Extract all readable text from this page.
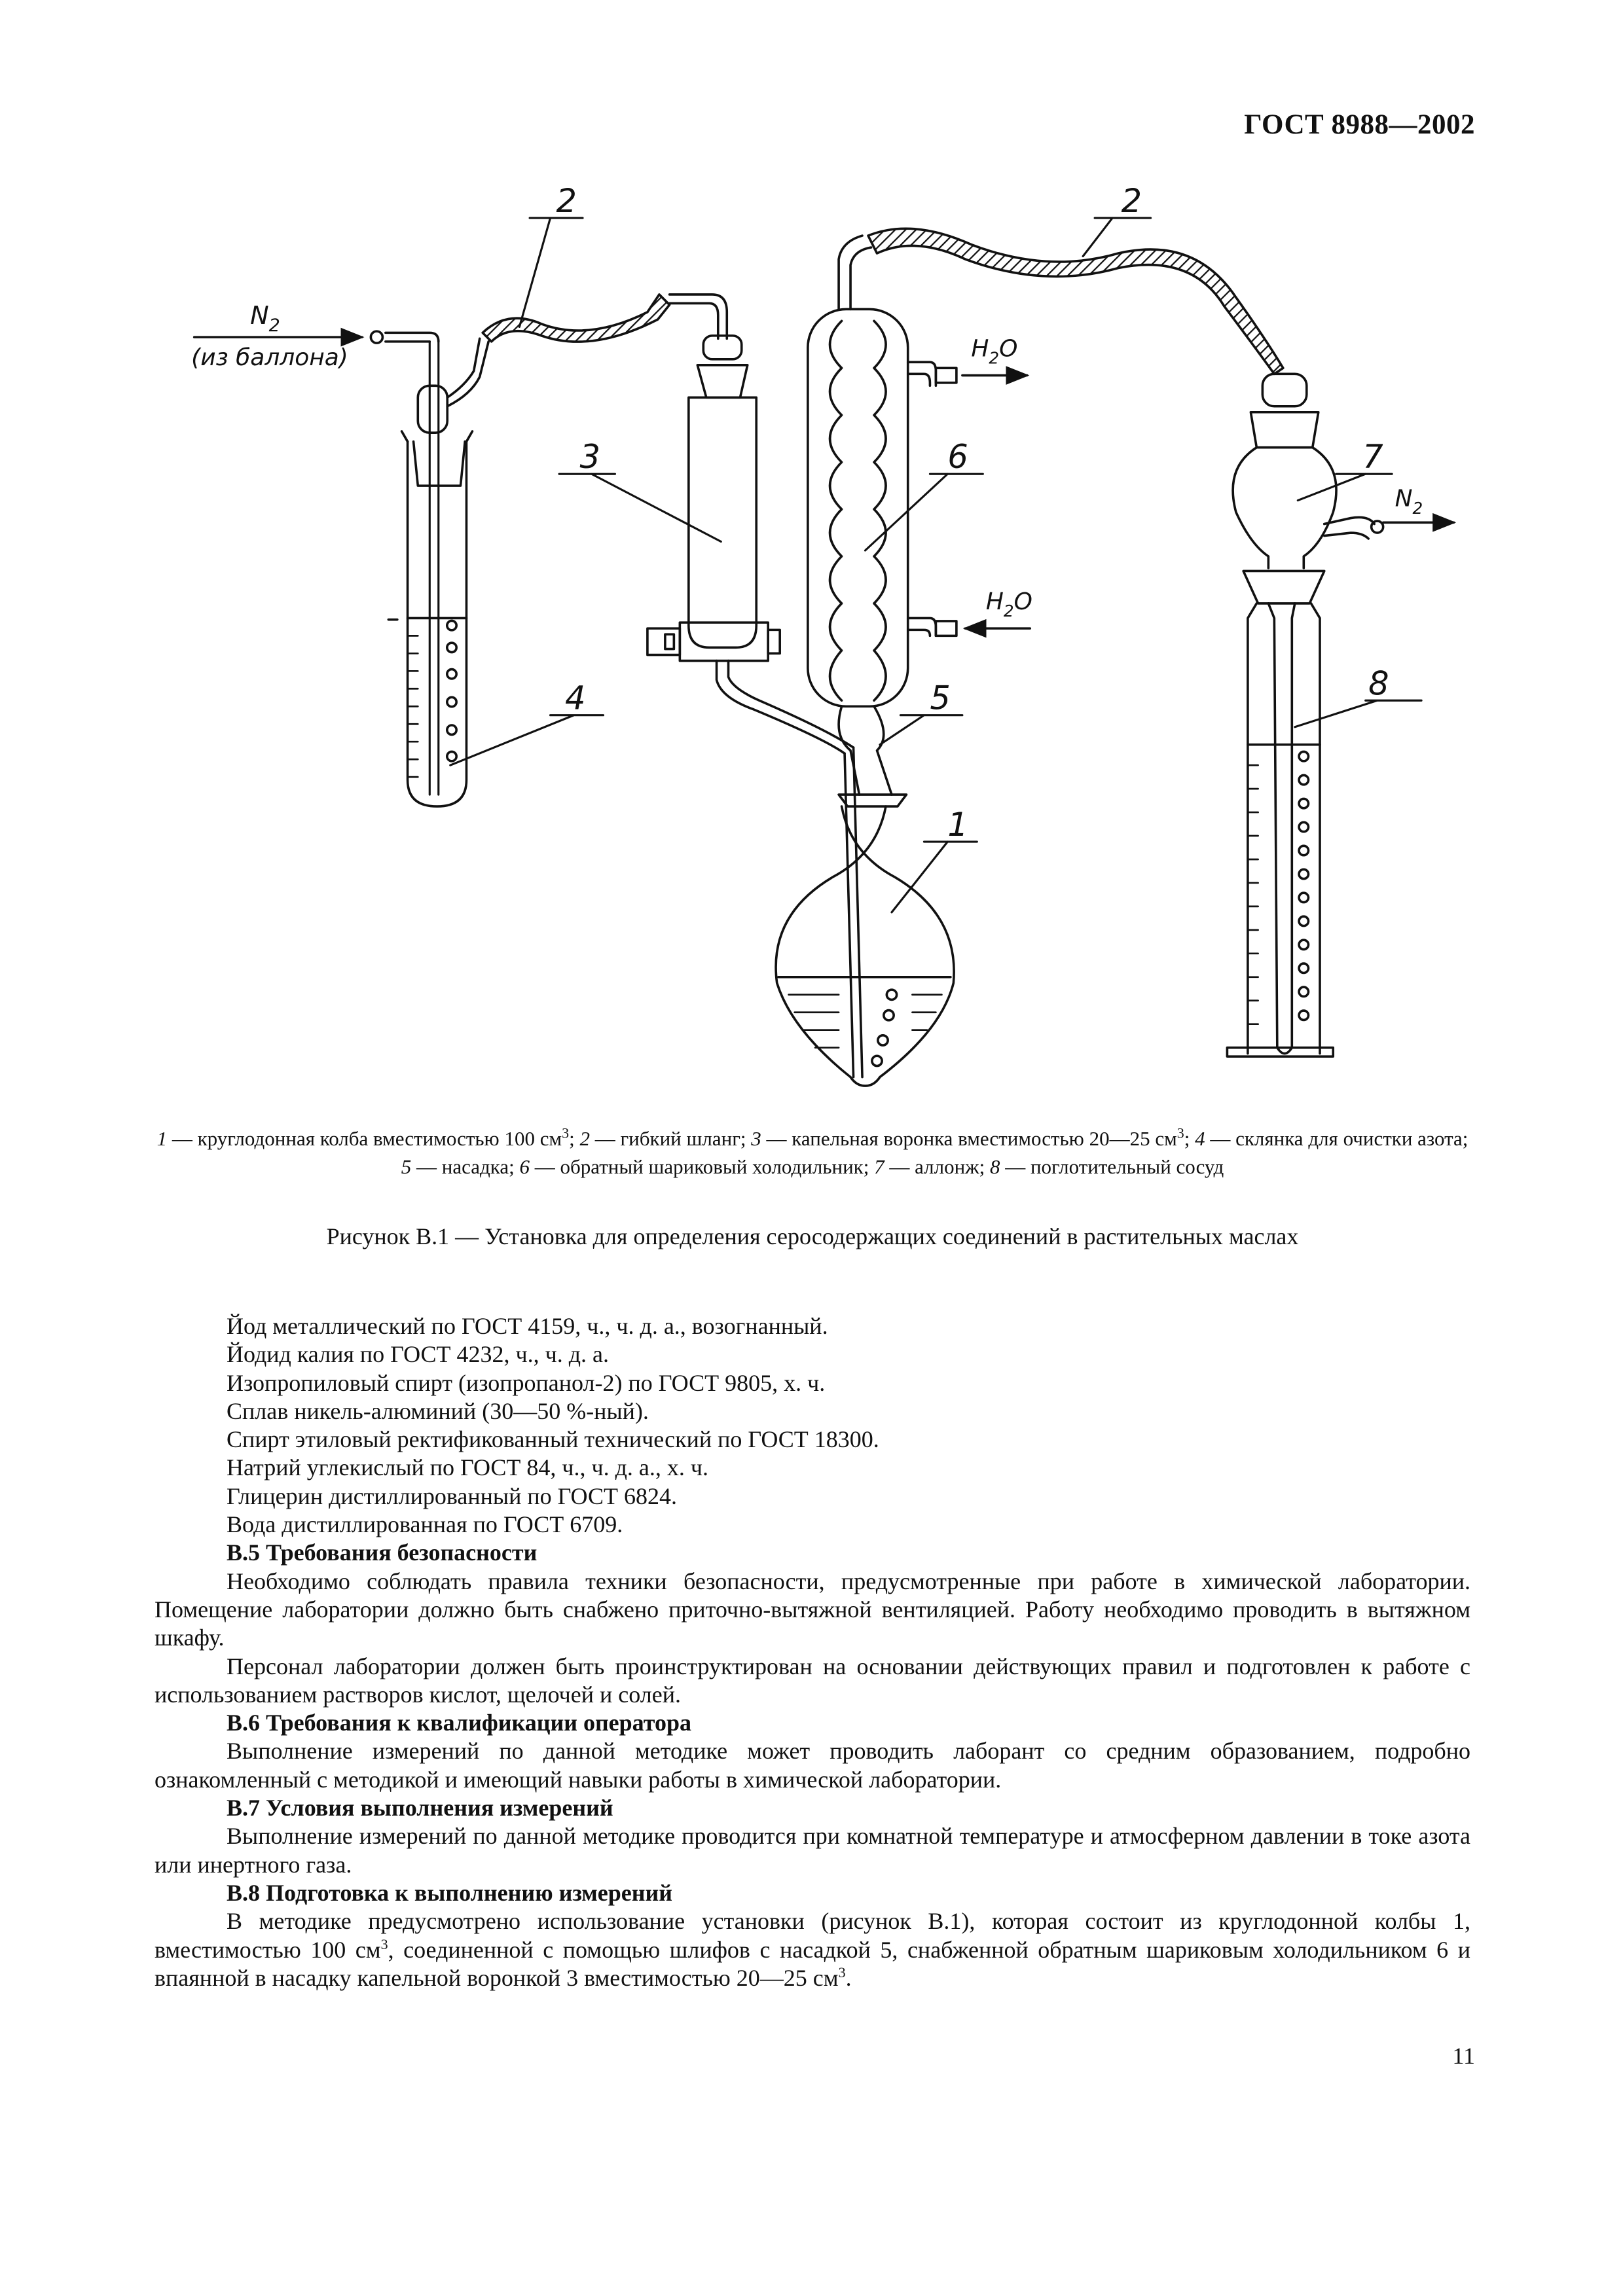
ГОСТ 8988—2002
$N_2$
(из баллона)	$H_2O$
$H_2O$
$N_2$
2	2
3	6	7
8
4	5
1
1 — круглодонная колба вместимостью 100 $см^3$; 2 — гибкий шланг; 3 — капельная воронка вместимостью 20—25 $см^3$; 4 — склянка для очистки азота; 5 — насадка; 6 — обратный шариковый холодильник; 7 — аллонж; 8 — поглотительный сосуд
Рисунок В.1 — Установка для определения серосодержащих соединений в растительных маслах

Йод металлический по ГОСТ 4159, ч., ч. д. а., возогнанный.

Йодид калия по ГОСТ 4232, ч., ч. д. а.

Изопропиловый спирт (изопропанол-2) по ГОСТ 9805, х. ч.

Сплав никель-алюминий (30—50 %-ный).

Спирт этиловый ректификованный технический по ГОСТ 18300.

Натрий углекислый по ГОСТ 84, ч., ч. д. а., х. ч.

Глицерин дистиллированный по ГОСТ 6824.

Вода дистиллированная по ГОСТ 6709.

В.5 Требования безопасности

Необходимо соблюдать правила техники безопасности, предусмотренные при работе в химической лаборатории. Помещение лаборатории должно быть снабжено приточно-вытяжной вентиляцией. Работу необходимо проводить в вытяжном шкафу.

Персонал лаборатории должен быть проинструктирован на основании действующих правил и подготовлен к работе с использованием растворов кислот, щелочей и солей.

В.6 Требования к квалификации оператора

Выполнение измерений по данной методике может проводить лаборант со средним образованием, подробно ознакомленный с методикой и имеющий навыки работы в химической лаборатории.

В.7 Условия выполнения измерений

Выполнение измерений по данной методике проводится при комнатной температуре и атмосферном давлении в токе азота или инертного газа.

В.8 Подготовка к выполнению измерений

В методике предусмотрено использование установки (рисунок В.1), которая состоит из круглодонной колбы 1, вместимостью 100 $см^3$, соединенной с помощью шлифов с насадкой 5, снабженной обратным шариковым холодильником 6 и впаянной в насадку капельной воронкой 3 вместимостью 20—25 $см^3$.

11
